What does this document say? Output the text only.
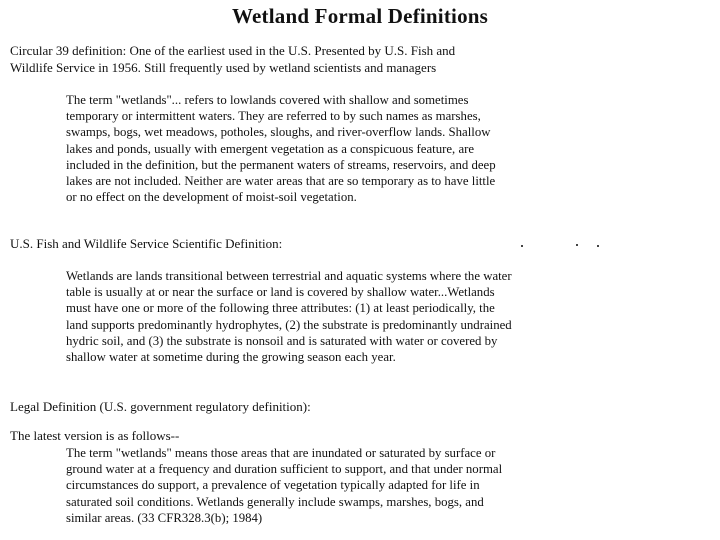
Wetland Formal Definitions
Circular 39 definition: One of the earliest used in the U.S. Presented by U.S. Fish and
Wildlife Service in 1956. Still frequently used by wetland scientists and managers
The term "wetlands"... refers to lowlands covered with shallow and sometimes
temporary or intermittent waters. They are referred to by such names as marshes,
swamps, bogs, wet meadows, potholes, sloughs, and river-overflow lands. Shallow
lakes and ponds, usually with emergent vegetation as a conspicuous feature, are
included in the definition, but the permanent waters of streams, reservoirs, and deep
lakes are not included. Neither are water areas that are so temporary as to have little
or no effect on the development of moist-soil vegetation.
U.S. Fish and Wildlife Service Scientific Definition:
Wetlands are lands transitional between terrestrial and aquatic systems where the water
table is usually at or near the surface or land is covered by shallow water...Wetlands
must have one or more of the following three attributes: (1) at least periodically, the
land supports predominantly hydrophytes, (2) the substrate is predominantly undrained
hydric soil, and (3) the substrate is nonsoil and is saturated with water or covered by
shallow water at sometime during the growing season each year.
Legal Definition (U.S. government regulatory definition):
The latest version is as follows--
The term "wetlands" means those areas that are inundated or saturated by surface or
ground water at a frequency and duration sufficient to support, and that under normal
circumstances do support, a prevalence of vegetation typically adapted for life in
saturated soil conditions. Wetlands generally include swamps, marshes, bogs, and
similar areas. (33 CFR328.3(b); 1984)
